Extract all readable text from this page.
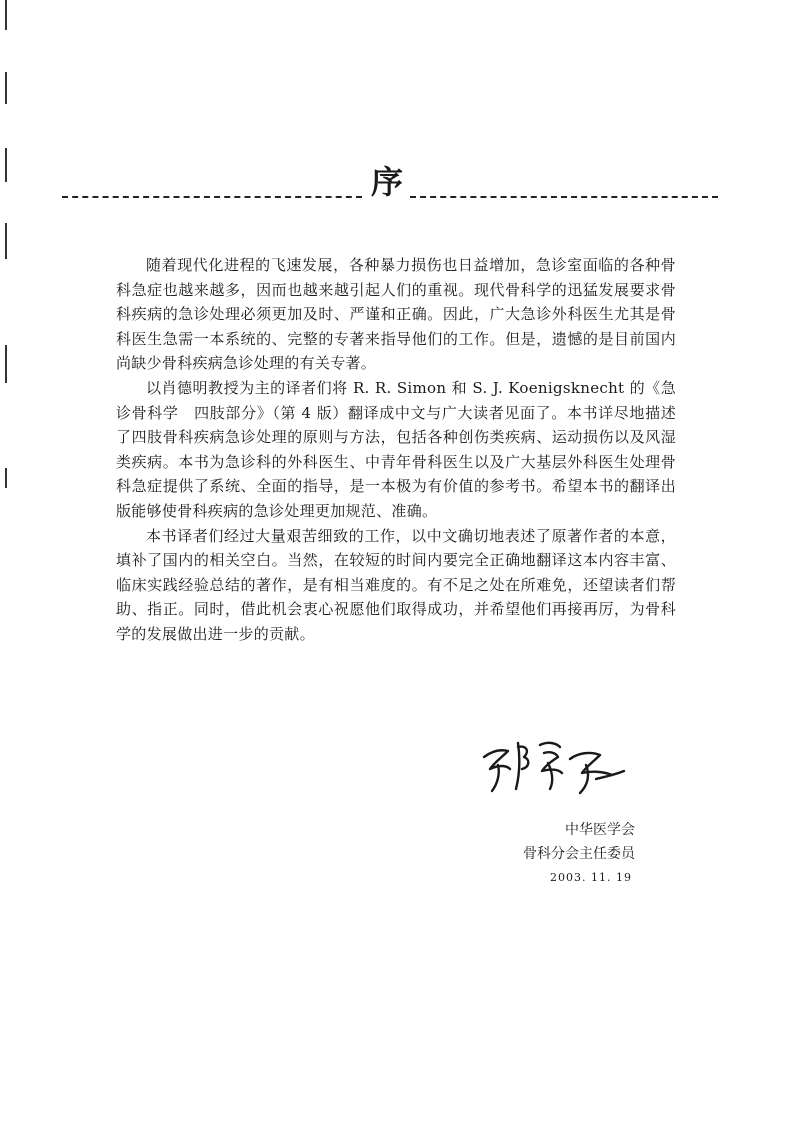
序

随着现代化进程的飞速发展，各种暴力损伤也日益增加，急诊室面临的各种骨科急症也越来越多，因而也越来越引起人们的重视。现代骨科学的迅猛发展要求骨科疾病的急诊处理必须更加及时、严谨和正确。因此，广大急诊外科医生尤其是骨科医生急需一本系统的、完整的专著来指导他们的工作。但是，遗憾的是目前国内尚缺少骨科疾病急诊处理的有关专著。

以肖德明教授为主的译者们将 R. R. Simon 和 S. J. Koenigsknecht 的《急诊骨科学　四肢部分》（第 4 版）翻译成中文与广大读者见面了。本书详尽地描述了四肢骨科疾病急诊处理的原则与方法，包括各种创伤类疾病、运动损伤以及风湿类疾病。本书为急诊科的外科医生、中青年骨科医生以及广大基层外科医生处理骨科急症提供了系统、全面的指导，是一本极为有价值的参考书。希望本书的翻译出版能够使骨科疾病的急诊处理更加规范、准确。

本书译者们经过大量艰苦细致的工作，以中文确切地表述了原著作者的本意，填补了国内的相关空白。当然，在较短的时间内要完全正确地翻译这本内容丰富、临床实践经验总结的著作，是有相当难度的。有不足之处在所难免，还望读者们帮助、指正。同时，借此机会衷心祝愿他们取得成功，并希望他们再接再厉，为骨科学的发展做出进一步的贡献。

中华医学会
骨科分会主任委员
2003. 11. 19
